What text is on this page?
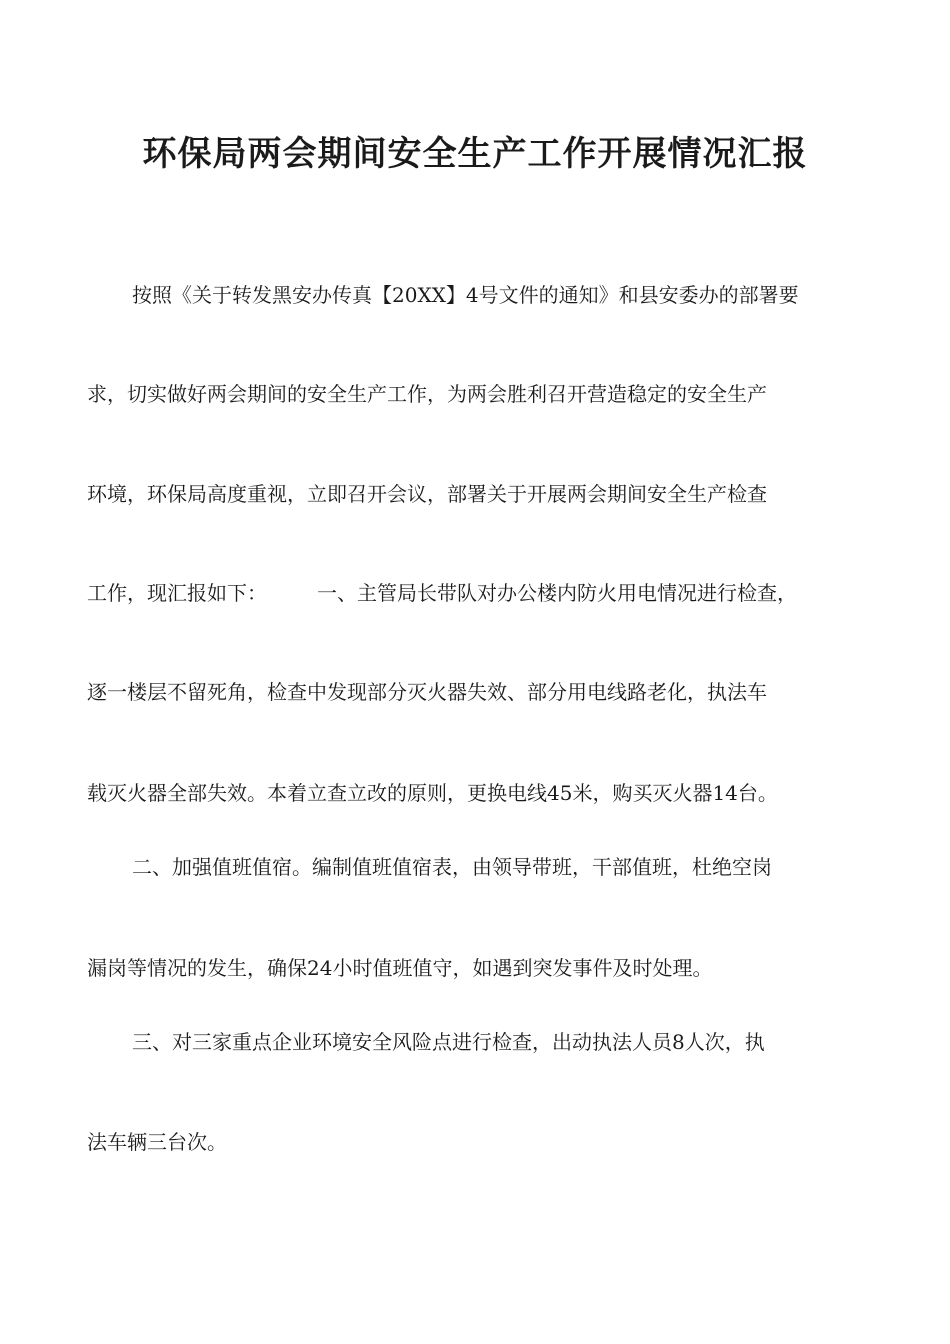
环保局两会期间安全生产工作开展情况汇报
按照《关于转发黑安办传真【20XX】4号文件的通知》和县安委办的部署要
求，切实做好两会期间的安全生产工作，为两会胜利召开营造稳定的安全生产
环境，环保局高度重视，立即召开会议，部署关于开展两会期间安全生产检查
工作，现汇报如下：　　　一、主管局长带队对办公楼内防火用电情况进行检查，
逐一楼层不留死角，检查中发现部分灭火器失效、部分用电线路老化，执法车
载灭火器全部失效。本着立查立改的原则，更换电线45米，购买灭火器14台。
二、加强值班值宿。编制值班值宿表，由领导带班，干部值班，杜绝空岗
漏岗等情况的发生，确保24小时值班值守，如遇到突发事件及时处理。
三、对三家重点企业环境安全风险点进行检查，出动执法人员8人次，执
法车辆三台次。
